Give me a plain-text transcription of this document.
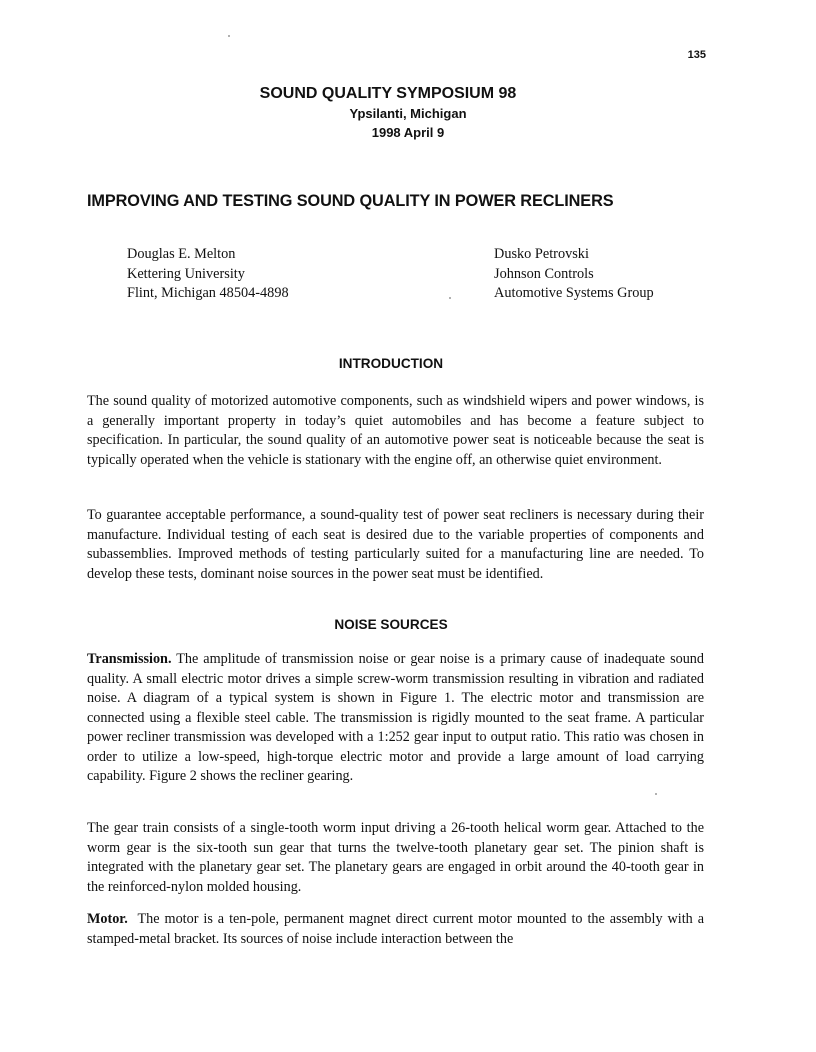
135
SOUND QUALITY SYMPOSIUM 98
Ypsilanti, Michigan
1998 April 9
IMPROVING AND TESTING SOUND QUALITY IN POWER RECLINERS
Douglas E. Melton
Kettering University
Flint, Michigan 48504-4898
Dusko Petrovski
Johnson Controls
Automotive Systems Group
INTRODUCTION

The sound quality of motorized automotive components, such as windshield wipers and power windows, is a generally important property in today’s quiet automobiles and has become a feature subject to specification. In particular, the sound quality of an automotive power seat is noticeable because the seat is typically operated when the vehicle is stationary with the engine off, an otherwise quiet environment.

To guarantee acceptable performance, a sound-quality test of power seat recliners is necessary during their manufacture. Individual testing of each seat is desired due to the variable properties of components and subassemblies. Improved methods of testing particularly suited for a manufacturing line are needed. To develop these tests, dominant noise sources in the power seat must be identified.

NOISE SOURCES

Transmission. The amplitude of transmission noise or gear noise is a primary cause of inadequate sound quality. A small electric motor drives a simple screw-worm transmission resulting in vibration and radiated noise. A diagram of a typical system is shown in Figure 1. The electric motor and transmission are connected using a flexible steel cable. The transmission is rigidly mounted to the seat frame. A particular power recliner transmission was developed with a 1:252 gear input to output ratio. This ratio was chosen in order to utilize a low-speed, high-torque electric motor and provide a large amount of load carrying capability. Figure 2 shows the recliner gearing.

The gear train consists of a single-tooth worm input driving a 26-tooth helical worm gear. Attached to the worm gear is the six-tooth sun gear that turns the twelve-tooth planetary gear set. The pinion shaft is integrated with the planetary gear set. The planetary gears are engaged in orbit around the 40-tooth gear in the reinforced-nylon molded housing.

Motor. The motor is a ten-pole, permanent magnet direct current motor mounted to the assembly with a stamped-metal bracket. Its sources of noise include interaction between the
